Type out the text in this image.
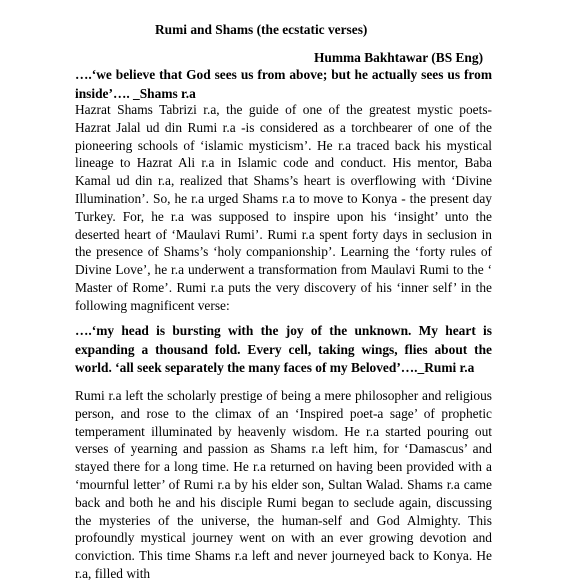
Rumi and Shams (the ecstatic verses)
Humma Bakhtawar (BS Eng)
….‘we believe that God sees us from above; but he actually sees us from inside’…. _Shams r.a
Hazrat Shams Tabrizi r.a, the guide of one of the greatest mystic poets- Hazrat Jalal ud din Rumi r.a -is considered as a torchbearer of one of the pioneering schools of ‘islamic mysticism’. He r.a traced back his mystical lineage to Hazrat Ali r.a in Islamic code and conduct. His mentor, Baba Kamal ud din r.a, realized that Shams’s heart is overflowing with ‘Divine Illumination’. So, he r.a urged Shams r.a to move to Konya - the present day Turkey. For, he r.a was supposed to inspire upon his ‘insight’ unto the deserted heart of ‘Maulavi Rumi’. Rumi r.a spent forty days in seclusion in the presence of Shams’s ‘holy companionship’. Learning the ‘forty rules of Divine Love’, he r.a underwent a transformation from Maulavi Rumi to the ‘ Master of Rome’. Rumi r.a puts the very discovery of his ‘inner self’ in the following magnificent verse:
….‘my head is bursting with the joy of the unknown. My heart is expanding a thousand fold. Every cell, taking wings, flies about the world. ‘all seek separately the many faces of my Beloved’…._Rumi r.a
Rumi r.a left the scholarly prestige of being a mere philosopher and religious person, and rose to the climax of an ‘Inspired poet-a sage’ of prophetic temperament illuminated by heavenly wisdom. He r.a started pouring out verses of yearning and passion as Shams r.a left him, for ‘Damascus’ and stayed there for a long time. He r.a returned on having been provided with a ‘mournful letter’ of Rumi r.a by his elder son, Sultan Walad. Shams r.a came back and both he and his disciple Rumi began to seclude again, discussing the mysteries of the universe, the human-self and God Almighty. This profoundly mystical journey went on with an ever growing devotion and conviction. This time Shams r.a left and never journeyed back to Konya. He r.a, filled with
